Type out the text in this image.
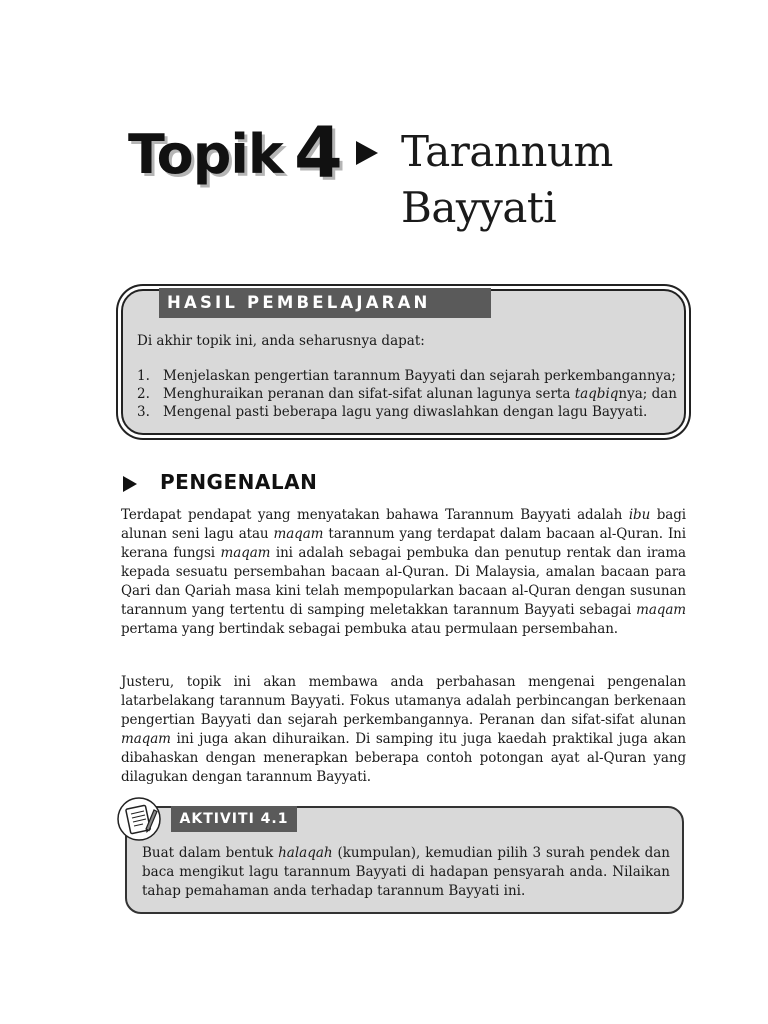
Topik 4 Tarannum
Bayyati
HASIL PEMBELAJARAN
Di akhir topik ini, anda seharusnya dapat:
1. Menjelaskan pengertian tarannum Bayyati dan sejarah perkembangannya;
2. Menghuraikan peranan dan sifat-sifat alunan lagunya serta taqbiqnya; dan
3. Mengenal pasti beberapa lagu yang diwaslahkan dengan lagu Bayyati.
PENGENALAN

Terdapat pendapat yang menyatakan bahawa Tarannum Bayyati adalah ibu bagi alunan seni lagu atau maqam tarannum yang terdapat dalam bacaan al-Quran. Ini kerana fungsi maqam ini adalah sebagai pembuka dan penutup rentak dan irama kepada sesuatu persembahan bacaan al-Quran. Di Malaysia, amalan bacaan para Qari dan Qariah masa kini telah mempopularkan bacaan al-Quran dengan susunan tarannum yang tertentu di samping meletakkan tarannum Bayyati sebagai maqam pertama yang bertindak sebagai pembuka atau permulaan persembahan.

Justeru, topik ini akan membawa anda perbahasan mengenai pengenalan latarbelakang tarannum Bayyati. Fokus utamanya adalah perbincangan berkenaan pengertian Bayyati dan sejarah perkembangannya. Peranan dan sifat-sifat alunan maqam ini juga akan dihuraikan. Di samping itu juga kaedah praktikal juga akan dibahaskan dengan menerapkan beberapa contoh potongan ayat al-Quran yang dilagukan dengan tarannum Bayyati.

AKTIVITI 4.1

Buat dalam bentuk halaqah (kumpulan), kemudian pilih 3 surah pendek dan baca mengikut lagu tarannum Bayyati di hadapan pensyarah anda. Nilaikan tahap pemahaman anda terhadap tarannum Bayyati ini.
